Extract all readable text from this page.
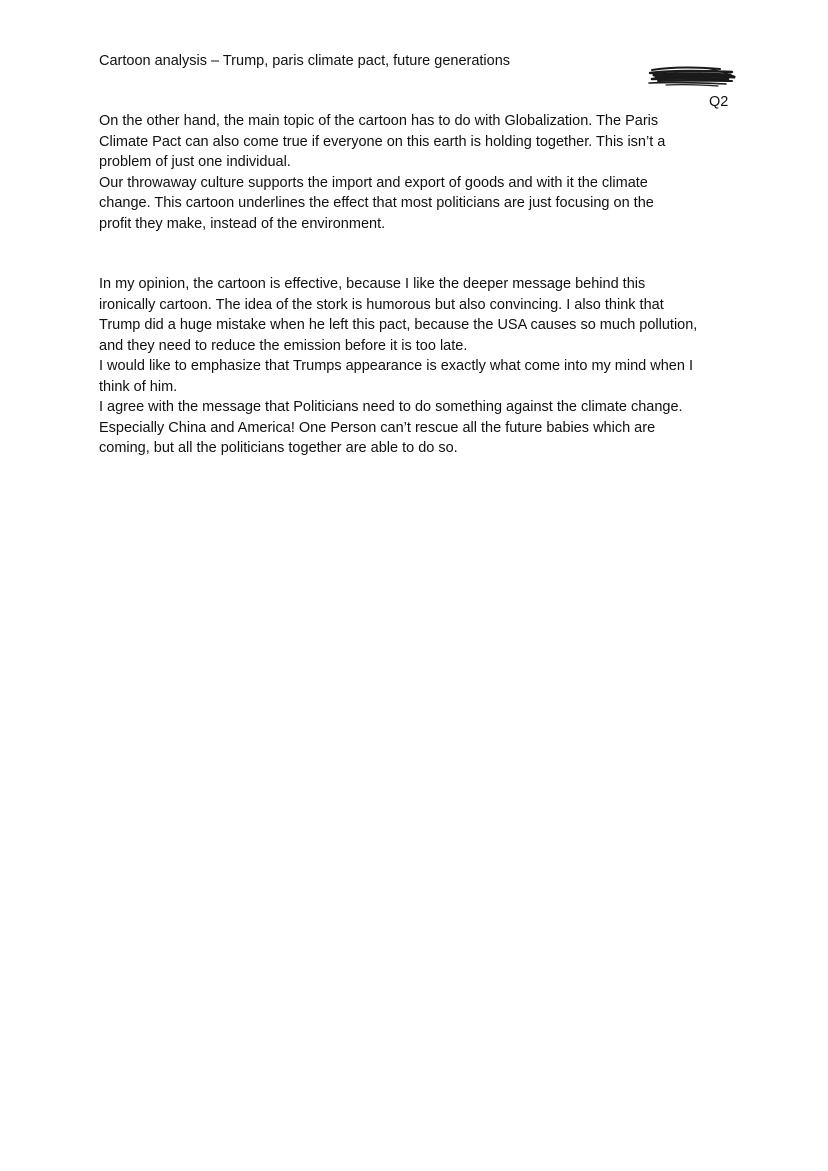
Cartoon analysis – Trump, paris climate pact, future generations
Q2
On the other hand, the main topic of the cartoon has to do with Globalization. The Paris
Climate Pact can also come true if everyone on this earth is holding together. This isn’t a
problem of just one individual.
Our throwaway culture supports the import and export of goods and with it the climate
change. This cartoon underlines the effect that most politicians are just focusing on the
profit they make, instead of the environment.
In my opinion, the cartoon is effective, because I like the deeper message behind this
ironically cartoon. The idea of the stork is humorous but also convincing. I also think that
Trump did a huge mistake when he left this pact, because the USA causes so much pollution,
and they need to reduce the emission before it is too late.
I would like to emphasize that Trumps appearance is exactly what come into my mind when I
think of him.
I agree with the message that Politicians need to do something against the climate change.
Especially China and America! One Person can’t rescue all the future babies which are
coming, but all the politicians together are able to do so.
